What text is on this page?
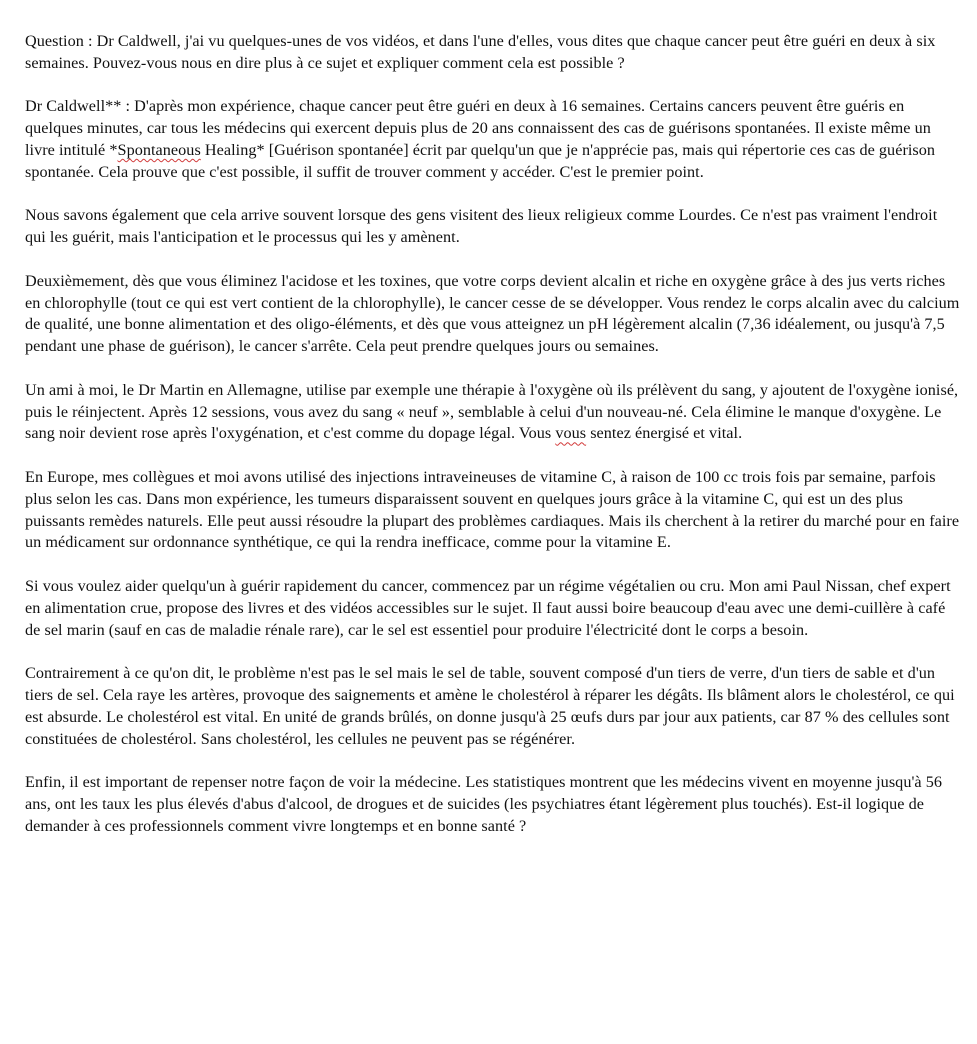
Question : Dr Caldwell, j'ai vu quelques-unes de vos vidéos, et dans l'une d'elles, vous dites que chaque cancer peut être guéri en deux à six semaines. Pouvez-vous nous en dire plus à ce sujet et expliquer comment cela est possible ?

Dr Caldwell** : D'après mon expérience, chaque cancer peut être guéri en deux à 16 semaines. Certains cancers peuvent être guéris en quelques minutes, car tous les médecins qui exercent depuis plus de 20 ans connaissent des cas de guérisons spontanées. Il existe même un livre intitulé *Spontaneous Healing* [Guérison spontanée] écrit par quelqu'un que je n'apprécie pas, mais qui répertorie ces cas de guérison spontanée. Cela prouve que c'est possible, il suffit de trouver comment y accéder. C'est le premier point.

Nous savons également que cela arrive souvent lorsque des gens visitent des lieux religieux comme Lourdes. Ce n'est pas vraiment l'endroit qui les guérit, mais l'anticipation et le processus qui les y amènent.

Deuxièmement, dès que vous éliminez l'acidose et les toxines, que votre corps devient alcalin et riche en oxygène grâce à des jus verts riches en chlorophylle (tout ce qui est vert contient de la chlorophylle), le cancer cesse de se développer. Vous rendez le corps alcalin avec du calcium de qualité, une bonne alimentation et des oligo-éléments, et dès que vous atteignez un pH légèrement alcalin (7,36 idéalement, ou jusqu'à 7,5 pendant une phase de guérison), le cancer s'arrête. Cela peut prendre quelques jours ou semaines.

Un ami à moi, le Dr Martin en Allemagne, utilise par exemple une thérapie à l'oxygène où ils prélèvent du sang, y ajoutent de l'oxygène ionisé, puis le réinjectent. Après 12 sessions, vous avez du sang « neuf », semblable à celui d'un nouveau-né. Cela élimine le manque d'oxygène. Le sang noir devient rose après l'oxygénation, et c'est comme du dopage légal. Vous vous sentez énergisé et vital.

En Europe, mes collègues et moi avons utilisé des injections intraveineuses de vitamine C, à raison de 100 cc trois fois par semaine, parfois plus selon les cas. Dans mon expérience, les tumeurs disparaissent souvent en quelques jours grâce à la vitamine C, qui est un des plus puissants remèdes naturels. Elle peut aussi résoudre la plupart des problèmes cardiaques. Mais ils cherchent à la retirer du marché pour en faire un médicament sur ordonnance synthétique, ce qui la rendra inefficace, comme pour la vitamine E.

Si vous voulez aider quelqu'un à guérir rapidement du cancer, commencez par un régime végétalien ou cru. Mon ami Paul Nissan, chef expert en alimentation crue, propose des livres et des vidéos accessibles sur le sujet. Il faut aussi boire beaucoup d'eau avec une demi-cuillère à café de sel marin (sauf en cas de maladie rénale rare), car le sel est essentiel pour produire l'électricité dont le corps a besoin.

Contrairement à ce qu'on dit, le problème n'est pas le sel mais le sel de table, souvent composé d'un tiers de verre, d'un tiers de sable et d'un tiers de sel. Cela raye les artères, provoque des saignements et amène le cholestérol à réparer les dégâts. Ils blâment alors le cholestérol, ce qui est absurde. Le cholestérol est vital. En unité de grands brûlés, on donne jusqu'à 25 œufs durs par jour aux patients, car 87 % des cellules sont constituées de cholestérol. Sans cholestérol, les cellules ne peuvent pas se régénérer.

Enfin, il est important de repenser notre façon de voir la médecine. Les statistiques montrent que les médecins vivent en moyenne jusqu'à 56 ans, ont les taux les plus élevés d'abus d'alcool, de drogues et de suicides (les psychiatres étant légèrement plus touchés). Est-il logique de demander à ces professionnels comment vivre longtemps et en bonne santé ?
